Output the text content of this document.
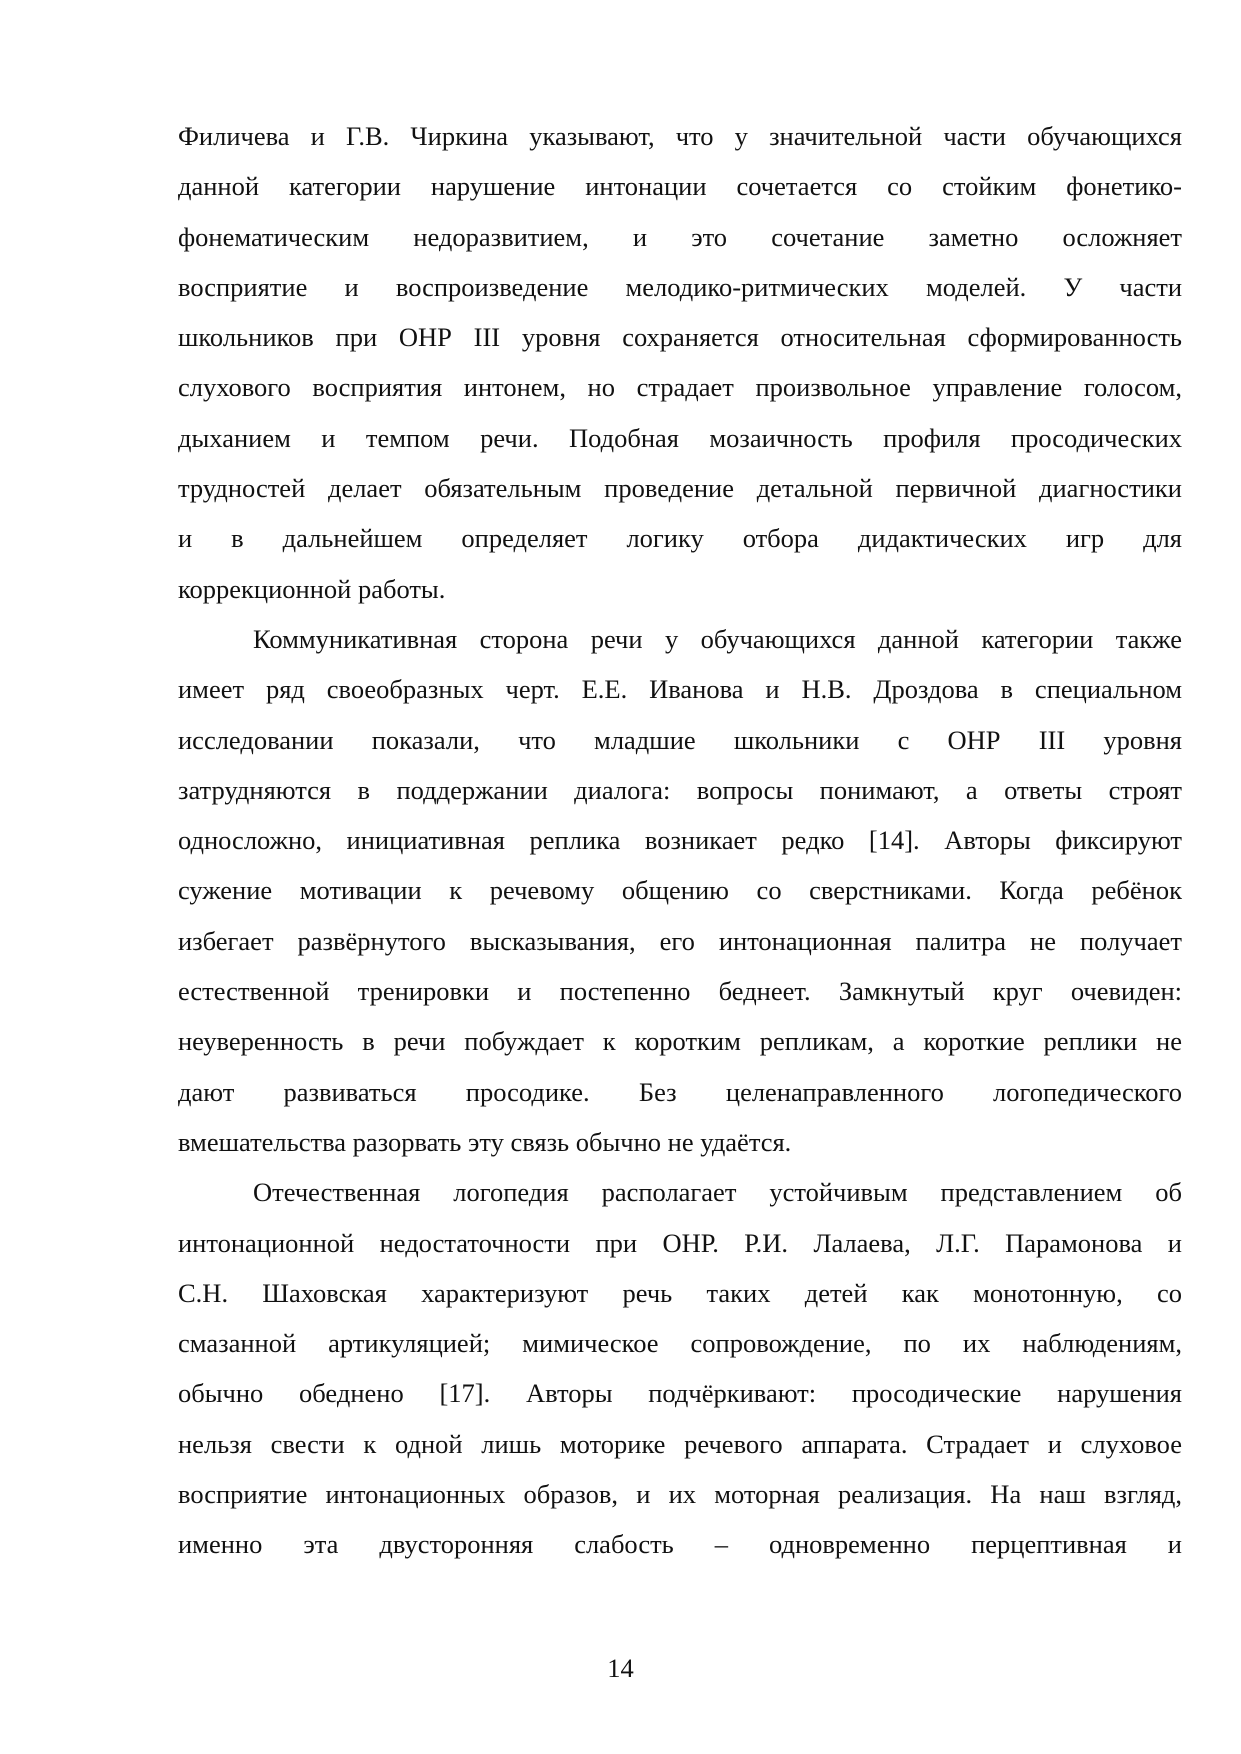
Филичева и Г.В. Чиркина указывают, что у значительной части обучающихся
данной категории нарушение интонации сочетается со стойким фонетико-
фонематическим недоразвитием, и это сочетание заметно осложняет
восприятие и воспроизведение мелодико-ритмических моделей. У части
школьников при ОНР III уровня сохраняется относительная сформированность
слухового восприятия интонем, но страдает произвольное управление голосом,
дыханием и темпом речи. Подобная мозаичность профиля просодических
трудностей делает обязательным проведение детальной первичной диагностики
и в дальнейшем определяет логику отбора дидактических игр для
коррекционной работы.
Коммуникативная сторона речи у обучающихся данной категории также
имеет ряд своеобразных черт. Е.Е. Иванова и Н.В. Дроздова в специальном
исследовании показали, что младшие школьники с ОНР III уровня
затрудняются в поддержании диалога: вопросы понимают, а ответы строят
односложно, инициативная реплика возникает редко [14]. Авторы фиксируют
сужение мотивации к речевому общению со сверстниками. Когда ребёнок
избегает развёрнутого высказывания, его интонационная палитра не получает
естественной тренировки и постепенно беднеет. Замкнутый круг очевиден:
неуверенность в речи побуждает к коротким репликам, а короткие реплики не
дают развиваться просодике. Без целенаправленного логопедического
вмешательства разорвать эту связь обычно не удаётся.
Отечественная логопедия располагает устойчивым представлением об
интонационной недостаточности при ОНР. Р.И. Лалаева, Л.Г. Парамонова и
С.Н. Шаховская характеризуют речь таких детей как монотонную, со
смазанной артикуляцией; мимическое сопровождение, по их наблюдениям,
обычно обеднено [17]. Авторы подчёркивают: просодические нарушения
нельзя свести к одной лишь моторике речевого аппарата. Страдает и слуховое
восприятие интонационных образов, и их моторная реализация. На наш взгляд,
именно эта двусторонняя слабость – одновременно перцептивная и
14
